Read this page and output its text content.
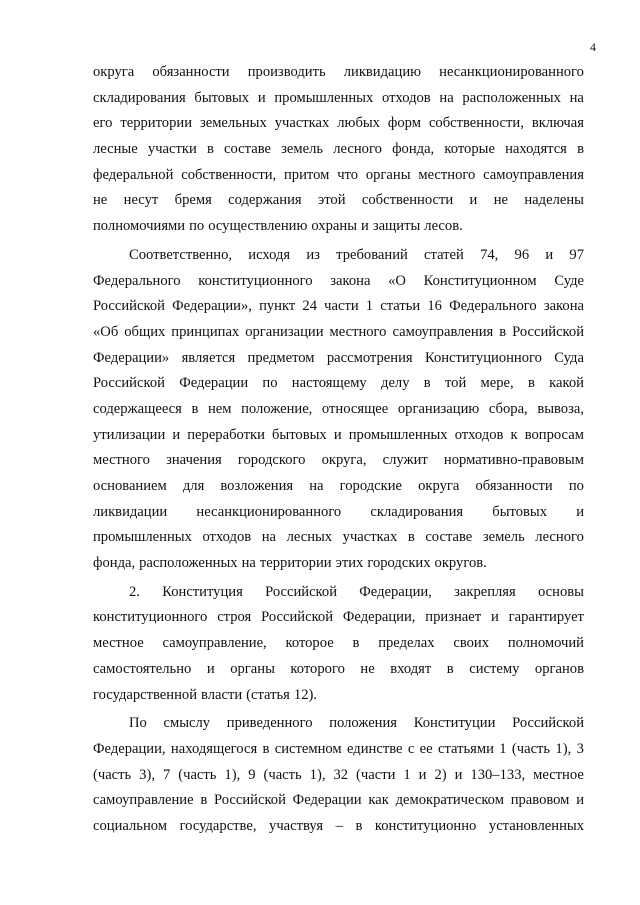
4
округа обязанности производить ликвидацию несанкционированного
складирования бытовых и промышленных отходов на расположенных на
его территории земельных участках любых форм собственности, включая
лесные участки в составе земель лесного фонда, которые находятся в
федеральной собственности, притом что органы местного самоуправления
не несут бремя содержания этой собственности и не наделены
полномочиями по осуществлению охраны и защиты лесов.
Соответственно, исходя из требований статей 74, 96 и 97
Федерального конституционного закона «О Конституционном Суде
Российской Федерации», пункт 24 части 1 статьи 16 Федерального закона
«Об общих принципах организации местного самоуправления в Российской
Федерации» является предметом рассмотрения Конституционного Суда
Российской Федерации по настоящему делу в той мере, в какой
содержащееся в нем положение, относящее организацию сбора, вывоза,
утилизации и переработки бытовых и промышленных отходов к вопросам
местного значения городского округа, служит нормативно-правовым
основанием для возложения на городские округа обязанности по
ликвидации несанкционированного складирования бытовых и
промышленных отходов на лесных участках в составе земель лесного
фонда, расположенных на территории этих городских округов.
2. Конституция Российской Федерации, закрепляя основы
конституционного строя Российской Федерации, признает и гарантирует
местное самоуправление, которое в пределах своих полномочий
самостоятельно и органы которого не входят в систему органов
государственной власти (статья 12).
По смыслу приведенного положения Конституции Российской
Федерации, находящегося в системном единстве с ее статьями 1 (часть 1), 3
(часть 3), 7 (часть 1), 9 (часть 1), 32 (части 1 и 2) и 130–133, местное
самоуправление в Российской Федерации как демократическом правовом и
социальном государстве, участвуя – в конституционно установленных
